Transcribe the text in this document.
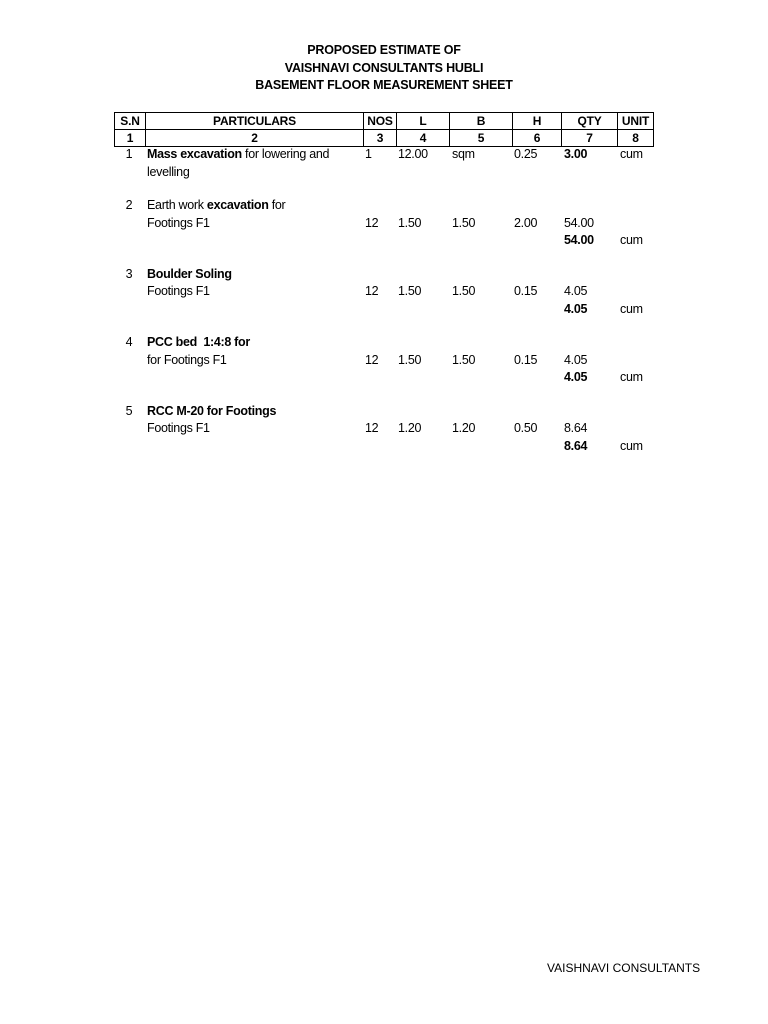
PROPOSED ESTIMATE OF
VAISHNAVI CONSULTANTS HUBLI
BASEMENT FLOOR MEASUREMENT SHEET
S.N	PARTICULARS	NOS	L	B	H	QTY	UNIT
1	2	3	4	5	6	7	8
1	Mass excavation for lowering and	1 12.00 sqm	0.25 3.00	cum
levelling
2	Earth work excavation for
Footings F1	12 1.50 1.50	2.00 54.00
54.00 cum
3	Boulder Soling
Footings F1	12 1.50 1.50	0.15 4.05
4.05	cum
4	PCC bed  1:4:8 for
for Footings F1	12 1.50 1.50	0.15 4.05
4.05	cum
5	RCC M-20 for Footings
Footings F1	12 1.20 1.20	0.50 8.64
8.64	cum
VAISHNAVI CONSULTANTS
